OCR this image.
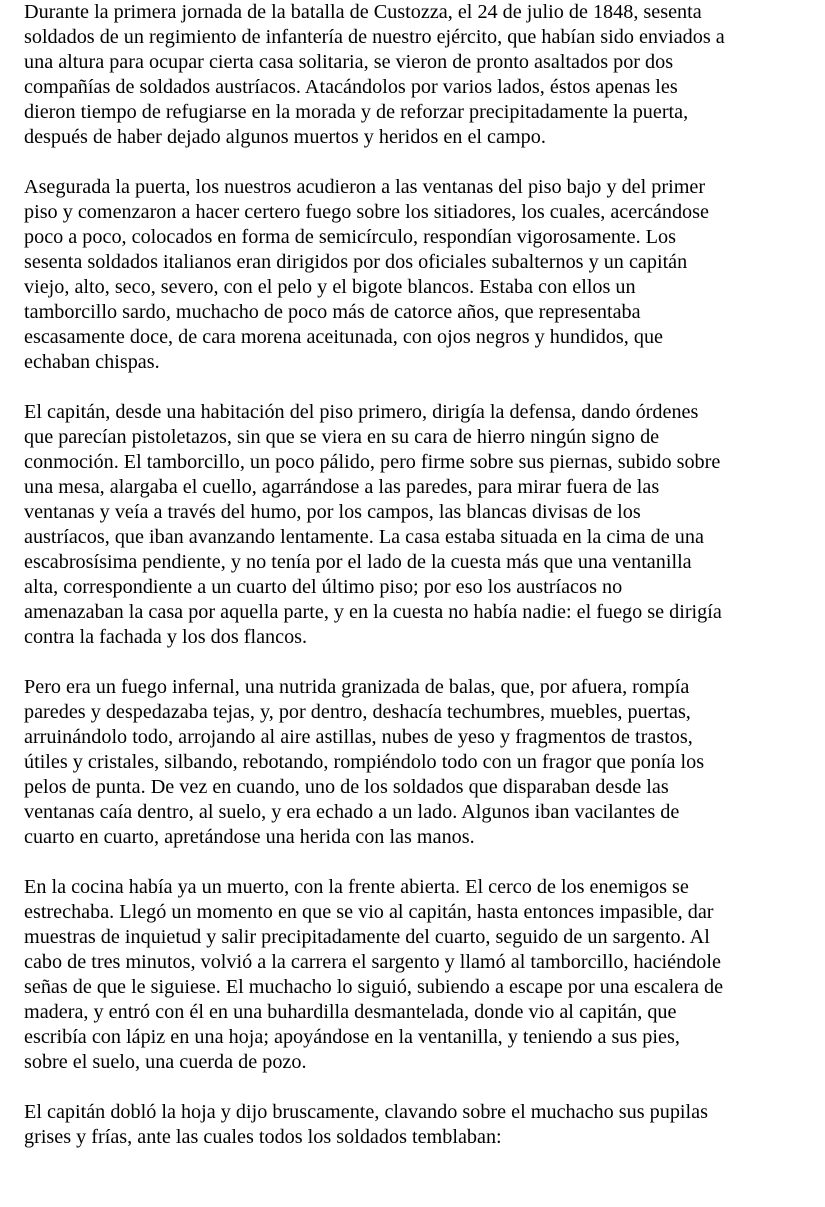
Durante la primera jornada de la batalla de Custozza, el 24 de julio de 1848, sesenta
soldados de un regimiento de infantería de nuestro ejército, que habían sido enviados a
una altura para ocupar cierta casa solitaria, se vieron de pronto asaltados por dos
compañías de soldados austríacos. Atacándolos por varios lados, éstos apenas les
dieron tiempo de refugiarse en la morada y de reforzar precipitadamente la puerta,
después de haber dejado algunos muertos y heridos en el campo.
Asegurada la puerta, los nuestros acudieron a las ventanas del piso bajo y del primer
piso y comenzaron a hacer certero fuego sobre los sitiadores, los cuales, acercándose
poco a poco, colocados en forma de semicírculo, respondían vigorosamente. Los
sesenta soldados italianos eran dirigidos por dos oficiales subalternos y un capitán
viejo, alto, seco, severo, con el pelo y el bigote blancos. Estaba con ellos un
tamborcillo sardo, muchacho de poco más de catorce años, que representaba
escasamente doce, de cara morena aceitunada, con ojos negros y hundidos, que
echaban chispas.
El capitán, desde una habitación del piso primero, dirigía la defensa, dando órdenes
que parecían pistoletazos, sin que se viera en su cara de hierro ningún signo de
conmoción. El tamborcillo, un poco pálido, pero firme sobre sus piernas, subido sobre
una mesa, alargaba el cuello, agarrándose a las paredes, para mirar fuera de las
ventanas y veía a través del humo, por los campos, las blancas divisas de los
austríacos, que iban avanzando lentamente. La casa estaba situada en la cima de una
escabrosísima pendiente, y no tenía por el lado de la cuesta más que una ventanilla
alta, correspondiente a un cuarto del último piso; por eso los austríacos no
amenazaban la casa por aquella parte, y en la cuesta no había nadie: el fuego se dirigía
contra la fachada y los dos flancos.
Pero era un fuego infernal, una nutrida granizada de balas, que, por afuera, rompía
paredes y despedazaba tejas, y, por dentro, deshacía techumbres, muebles, puertas,
arruinándolo todo, arrojando al aire astillas, nubes de yeso y fragmentos de trastos,
útiles y cristales, silbando, rebotando, rompiéndolo todo con un fragor que ponía los
pelos de punta. De vez en cuando, uno de los soldados que disparaban desde las
ventanas caía dentro, al suelo, y era echado a un lado. Algunos iban vacilantes de
cuarto en cuarto, apretándose una herida con las manos.
En la cocina había ya un muerto, con la frente abierta. El cerco de los enemigos se
estrechaba. Llegó un momento en que se vio al capitán, hasta entonces impasible, dar
muestras de inquietud y salir precipitadamente del cuarto, seguido de un sargento. Al
cabo de tres minutos, volvió a la carrera el sargento y llamó al tamborcillo, haciéndole
señas de que le siguiese. El muchacho lo siguió, subiendo a escape por una escalera de
madera, y entró con él en una buhardilla desmantelada, donde vio al capitán, que
escribía con lápiz en una hoja; apoyándose en la ventanilla, y teniendo a sus pies,
sobre el suelo, una cuerda de pozo.
El capitán dobló la hoja y dijo bruscamente, clavando sobre el muchacho sus pupilas
grises y frías, ante las cuales todos los soldados temblaban:
